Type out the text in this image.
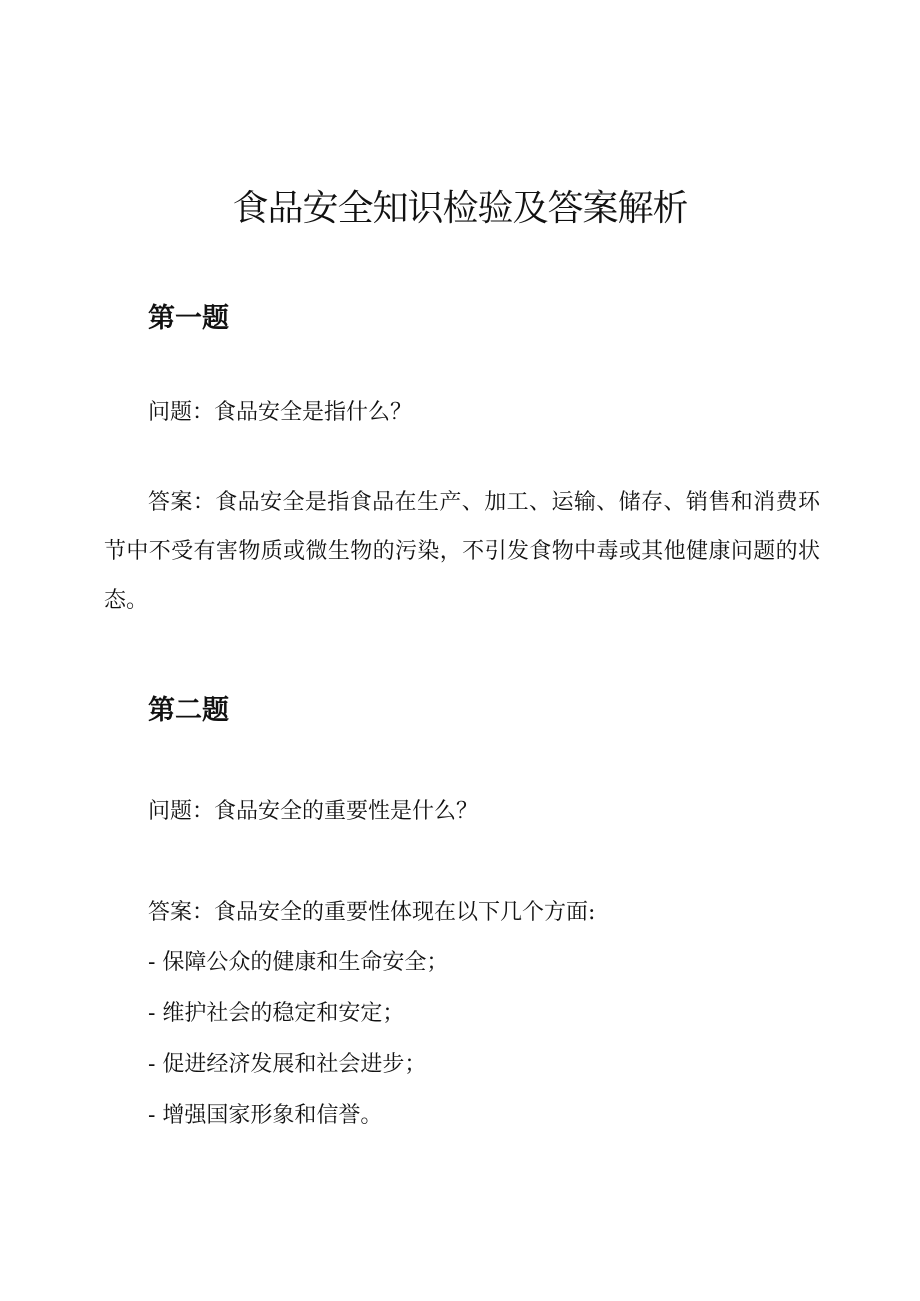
食品安全知识检验及答案解析
第一题

问题：食品安全是指什么？

答案：食品安全是指食品在生产、加工、运输、储存、销售和消费环节中不受有害物质或微生物的污染，不引发食物中毒或其他健康问题的状态。

第二题

问题：食品安全的重要性是什么？

答案：食品安全的重要性体现在以下几个方面:

- 保障公众的健康和生命安全；

- 维护社会的稳定和安定；

- 促进经济发展和社会进步；

- 增强国家形象和信誉。
